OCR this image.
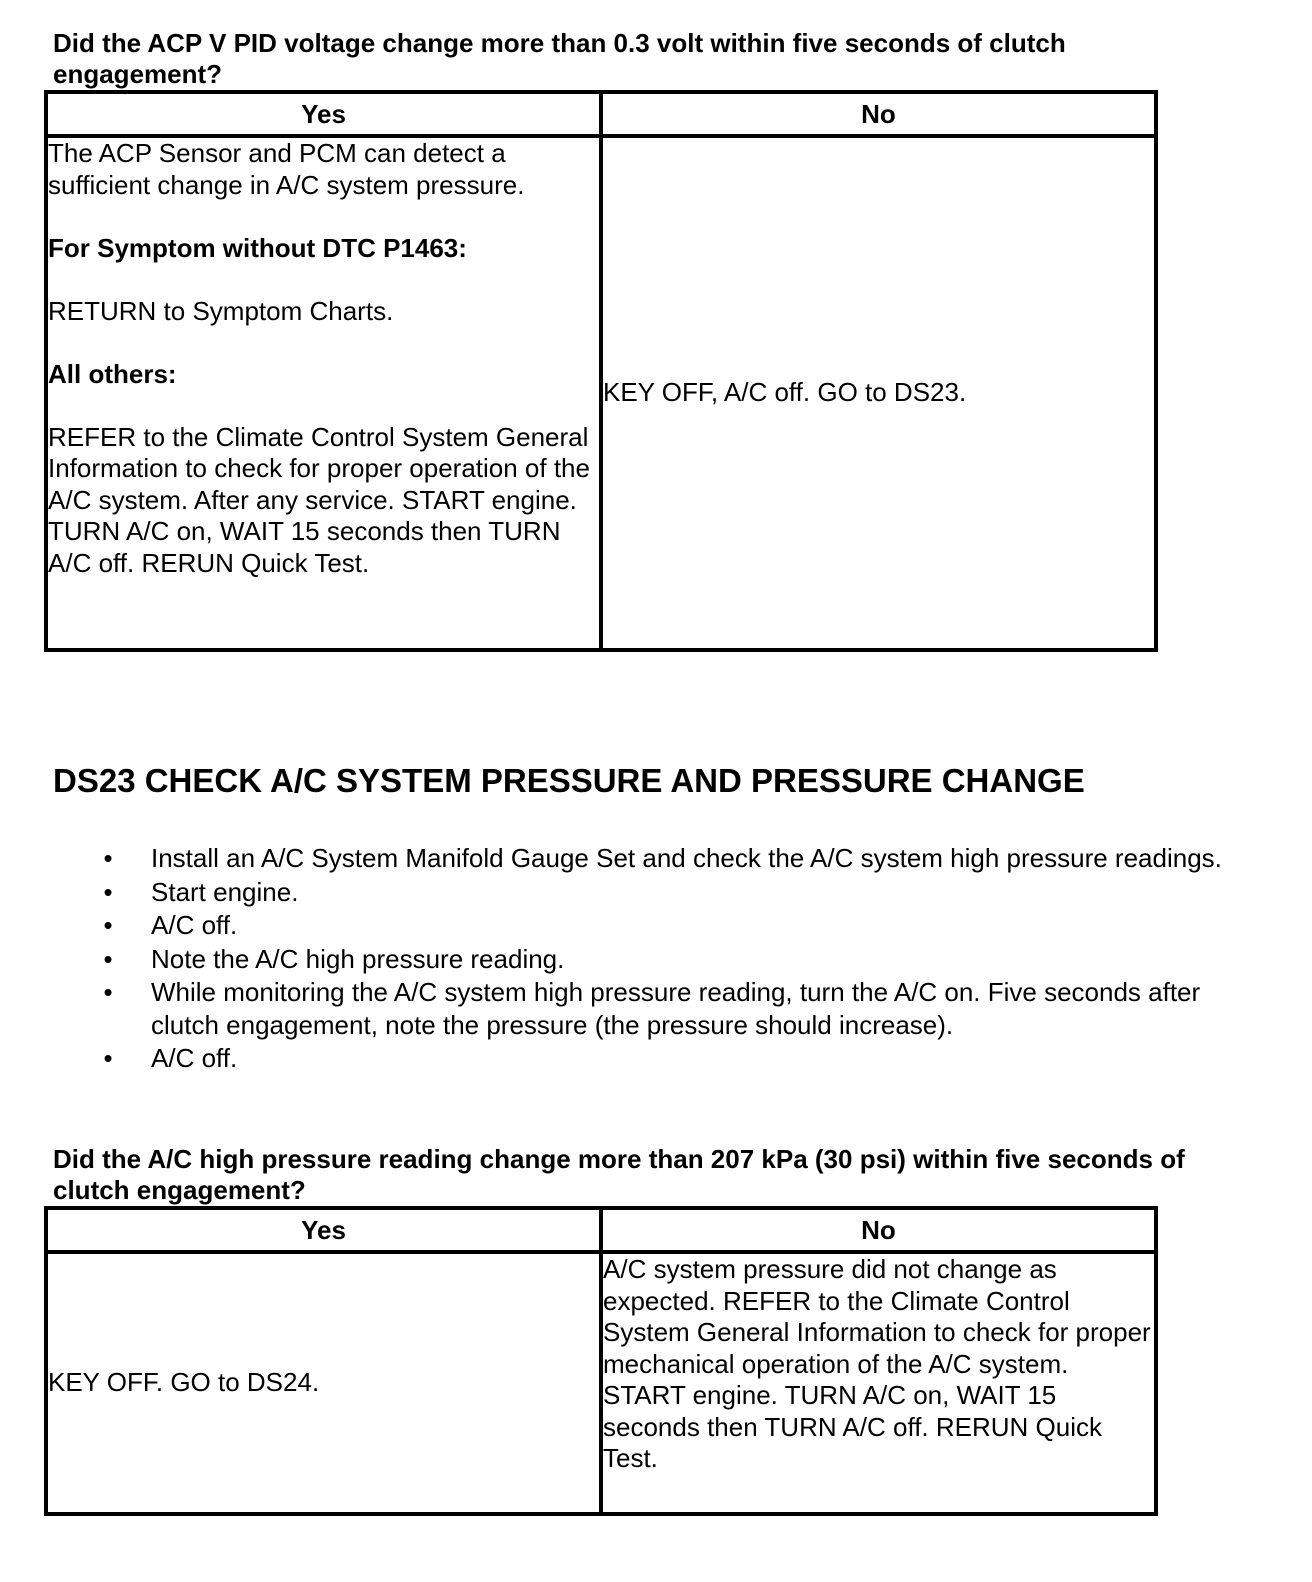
Did the ACP V PID voltage change more than 0.3 volt within five seconds of clutch engagement?

Yes	No

The ACP Sensor and PCM can detect a sufficient change in A/C system pressure.

For Symptom without DTC P1463:

RETURN to Symptom Charts.

All others:

REFER to the Climate Control System General Information to check for proper operation of the A/C system. After any service. START engine. TURN A/C on, WAIT 15 seconds then TURN A/C off. RERUN Quick Test.	KEY OFF, A/C off. GO to DS23.

DS23 CHECK A/C SYSTEM PRESSURE AND PRESSURE CHANGE
• Install an A/C System Manifold Gauge Set and check the A/C system high pressure readings.
• Start engine.
• A/C off.
• Note the A/C high pressure reading.
• While monitoring the A/C system high pressure reading, turn the A/C on. Five seconds after clutch engagement, note the pressure (the pressure should increase).
• A/C off.

Did the A/C high pressure reading change more than 207 kPa (30 psi) within five seconds of clutch engagement?

Yes	No

KEY OFF. GO to DS24.	A/C system pressure did not change as expected. REFER to the Climate Control System General Information to check for proper mechanical operation of the A/C system. START engine. TURN A/C on, WAIT 15 seconds then TURN A/C off. RERUN Quick Test.
